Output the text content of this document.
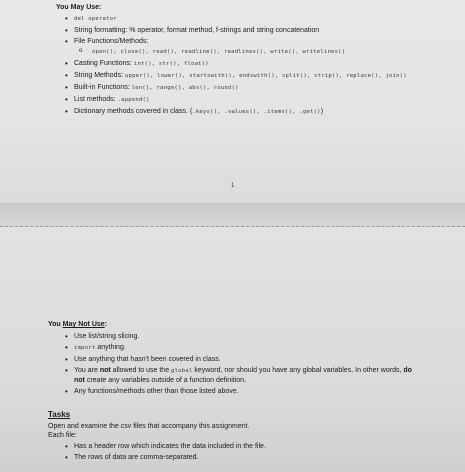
You May Use:
• del operator
• String formatting: % operator, format method, f-strings and string concatenation
• File Functions/Methods:
o open(), close(), read(), readline(), readlines(), write(), writelines()
• Casting Functions: int(), str(), float()
• String Methods: upper(), lower(), startswith(), endswith(), split(), strip(), replace(), join()
• Built-in Functions: len(), range(), abs(), round()
• List methods: .append()
• Dictionary methods covered in class. (.keys(), .values(), .items(), .get())
1
You May Not Use:
• Use list/string slicing.
• import anything.
• Use anything that hasn’t been covered in class.
• You are not allowed to use the global keyword, nor should you have any global variables. In other words, do not create any variables outside of a function definition.
• Any functions/methods other than those listed above.
Tasks
Open and examine the csv files that accompany this assignment.
Each file:
• Has a header row which indicates the data included in the file.
• The rows of data are comma-separated.
